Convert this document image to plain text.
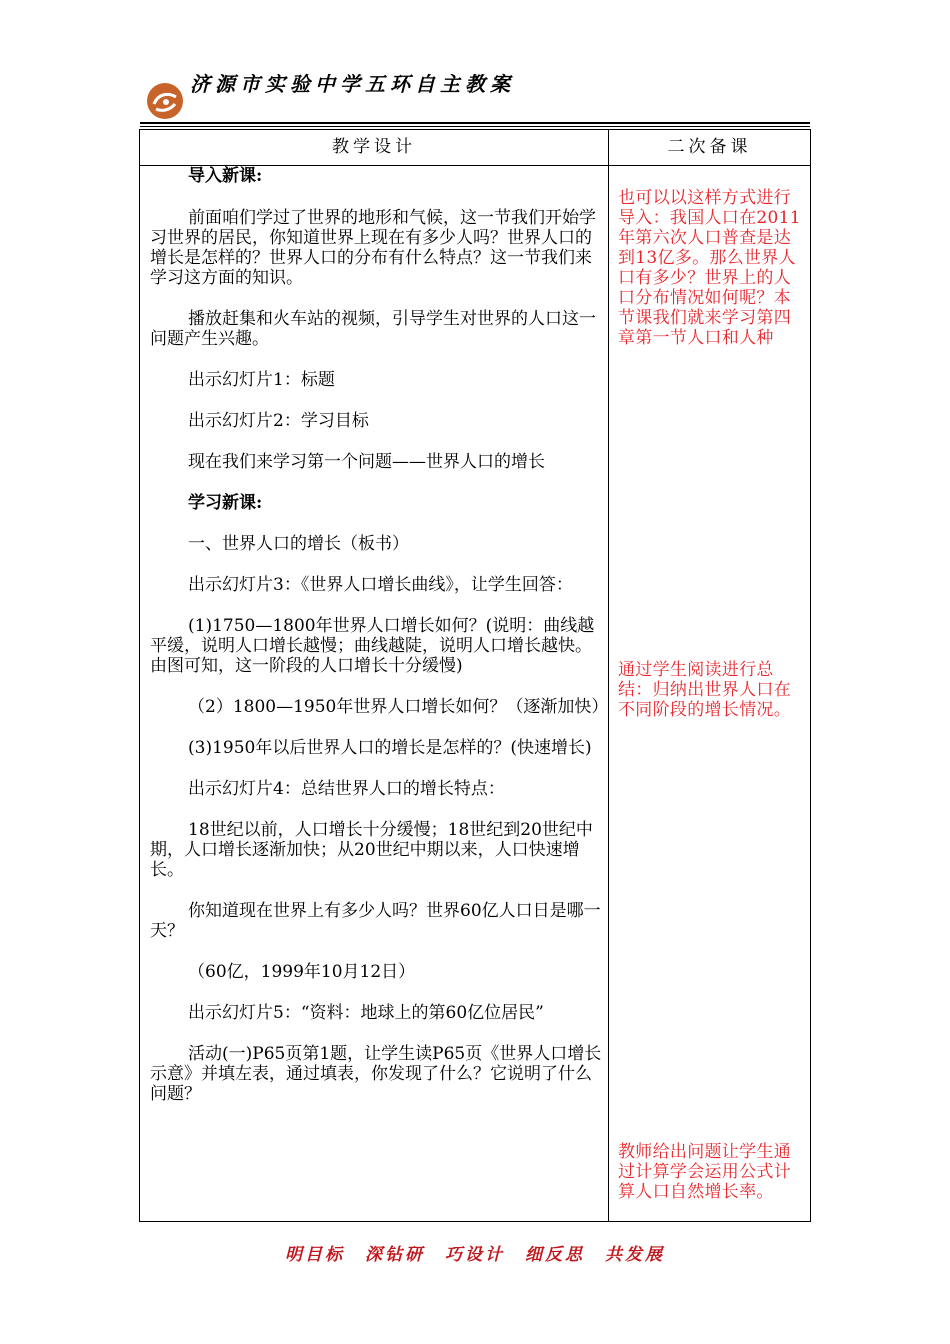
济源市实验中学五环自主教案
教学设计	二次备课

导入新课:

前面咱们学过了世界的地形和气候，这一节我们开始学习世界的居民，你知道世界上现在有多少人吗？世界人口的增长是怎样的？世界人口的分布有什么特点？这一节我们来学习这方面的知识。

播放赶集和火车站的视频，引导学生对世界的人口这一问题产生兴趣。

出示幻灯片1：标题

出示幻灯片2：学习目标

现在我们来学习第一个问题——世界人口的增长

学习新课:

一、世界人口的增长（板书）

出示幻灯片3：《世界人口增长曲线》，让学生回答：

(1)1750—1800年世界人口增长如何？(说明：曲线越平缓，说明人口增长越慢；曲线越陡，说明人口增长越快。由图可知，这一阶段的人口增长十分缓慢)

（2）1800—1950年世界人口增长如何？（逐渐加快）

(3)1950年以后世界人口的增长是怎样的？(快速增长)

出示幻灯片4：总结世界人口的增长特点：

18世纪以前，人口增长十分缓慢；18世纪到20世纪中期，人口增长逐渐加快；从20世纪中期以来，人口快速增长。

你知道现在世界上有多少人吗？世界60亿人口日是哪一天？

（60亿，1999年10月12日）

出示幻灯片5：“资料：地球上的第60亿位居民”

活动(一)P65页第1题，让学生读P65页《世界人口增长示意》并填左表，通过填表，你发现了什么？它说明了什么问题？

也可以以这样方式进行导入：我国人口在2011年第六次人口普查是达到13亿多。那么世界人口有多少？世界上的人口分布情况如何呢？本节课我们就来学习第四章第一节人口和人种
通过学生阅读进行总结：归纳出世界人口在不同阶段的增长情况。
教师给出问题让学生通过计算学会运用公式计算人口自然增长率。
明目标　深钻研　巧设计　细反思　共发展
